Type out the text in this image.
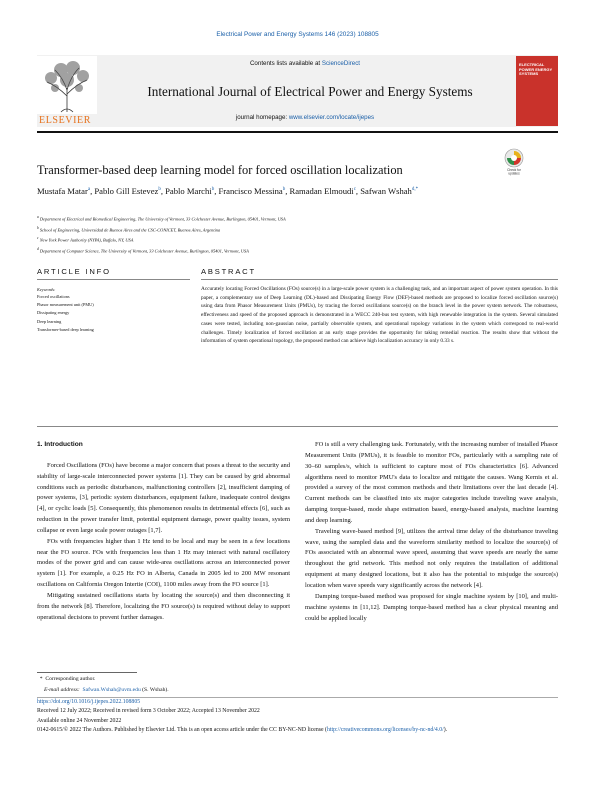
Electrical Power and Energy Systems 146 (2023) 108805
ELSEVIER
Contents lists available at ScienceDirect
International Journal of Electrical Power and Energy Systems
journal homepage: www.elsevier.com/locate/ijepes
ELECTRICAL POWER ENERGY SYSTEMS
Transformer-based deep learning model for forced oscillation localization	Check for
updates
Mustafa Matar$^a$, Pablo Gill Estevez$^b$, Pablo Marchi$^b$, Francisco Messina$^b$, Ramadan Elmoudi$^c$, Safwan Wshah$^{d,*}$
$^a$ Department of Electrical and Biomedical Engineering, The University of Vermont, 33 Colchester Avenue, Burlington, 05401, Vermont, USA
$^b$ School of Engineering, Universidad de Buenos Aires and the CSC-CONICET, Buenos Aires, Argentina
$^c$ New York Power Authority (NYPA), Buffalo, NY, USA
$^d$ Department of Computer Science, The University of Vermont, 33 Colchester Avenue, Burlington, 05401, Vermont, USA
ARTICLE INFO	ABSTRACT
Keywords:
Forced oscillations
Phasor measurement unit (PMU)
Dissipating energy
Deep learning
Transformer-based deep learning
Accurately locating Forced Oscillations (FOs) source(s) in a large-scale power system is a challenging task, and an important aspect of power system operation. In this paper, a complementary use of Deep Learning (DL)-based and Dissipating Energy Flow (DEF)-based methods are proposed to localize forced oscillation source(s) using data from Phasor Measurement Units (PMUs), by tracing the forced oscillations source(s) on the branch level in the power system network. The robustness, effectiveness and speed of the proposed approach is demonstrated in a WECC 240-bus test system, with high renewable integration in the system. Several simulated cases were tested, including non-gaussian noise, partially observable system, and operational topology variations in the system which correspond to real-world challenges. Timely localization of forced oscillation at an early stage provides the opportunity for taking remedial reaction. The results show that without the information of system operational topology, the proposed method can achieve high localization accuracy in only 0.33 s.

1. Introduction

Forced Oscillations (FOs) have become a major concern that poses a threat to the security and stability of large-scale interconnected power systems [1]. They can be caused by grid abnormal conditions such as periodic disturbances, malfunctioning controllers [2], insufficient damping of power systems, [3], periodic system disturbances, equipment failure, inadequate control designs [4], or cyclic loads [5]. Consequently, this phenomenon results in detrimental effects [6], such as reduction in the power transfer limit, potential equipment damage, power quality issues, system collapse or even large scale power outages [1,7].

FOs with frequencies higher than 1 Hz tend to be local and may be seen in a few locations near the FO source. FOs with frequencies less than 1 Hz may interact with natural oscillatory modes of the power grid and can cause wide-area oscillations across an interconnected power system [1]. For example, a 0.25 Hz FO in Alberta, Canada in 2005 led to 200 MW resonant oscillations on California Oregon Intertie (COI), 1100 miles away from the FO source [1].

Mitigating sustained oscillations starts by locating the source(s) and then disconnecting it from the network [8]. Therefore, localizing the FO source(s) is required without delay to support operational decisions to prevent further damages.

FO is still a very challenging task. Fortunately, with the increasing number of installed Phasor Measurement Units (PMUs), it is feasible to monitor FOs, particularly with a sampling rate of 30–60 samples/s, which is sufficient to capture most of FOs characteristics [6]. Advanced algorithms need to monitor PMU's data to localize and mitigate the causes. Wang Kernis et al. provided a survey of the most common methods and their limitations over the last decade [4]. Current methods can be classified into six major categories include traveling wave analysis, damping torque-based, mode shape estimation based, energy-based analysis, machine learning and deep learning.

Traveling wave-based method [9], utilizes the arrival time delay of the disturbance traveling wave, using the sampled data and the waveform similarity method to localize the source(s) of FOs associated with an abnormal wave speed, assuming that wave speeds are nearly the same throughout the grid network. This method not only requires the installation of additional equipment at many designed locations, but it also has the potential to misjudge the source(s) location when wave speeds vary significantly across the network [4].

Damping torque-based method was proposed for single machine system by [10], and multi-machine systems in [11,12]. Damping torque-based method has a clear physical meaning and could be applied locally

* Corresponding author.
E-mail address: Safwan.Wshah@uvm.edu (S. Wshah).
https://doi.org/10.1016/j.ijepes.2022.108805
Received 12 July 2022; Received in revised form 3 October 2022; Accepted 13 November 2022
Available online 24 November 2022
0142-0615/© 2022 The Authors. Published by Elsevier Ltd. This is an open access article under the CC BY-NC-ND license (http://creativecommons.org/licenses/by-nc-nd/4.0/).
